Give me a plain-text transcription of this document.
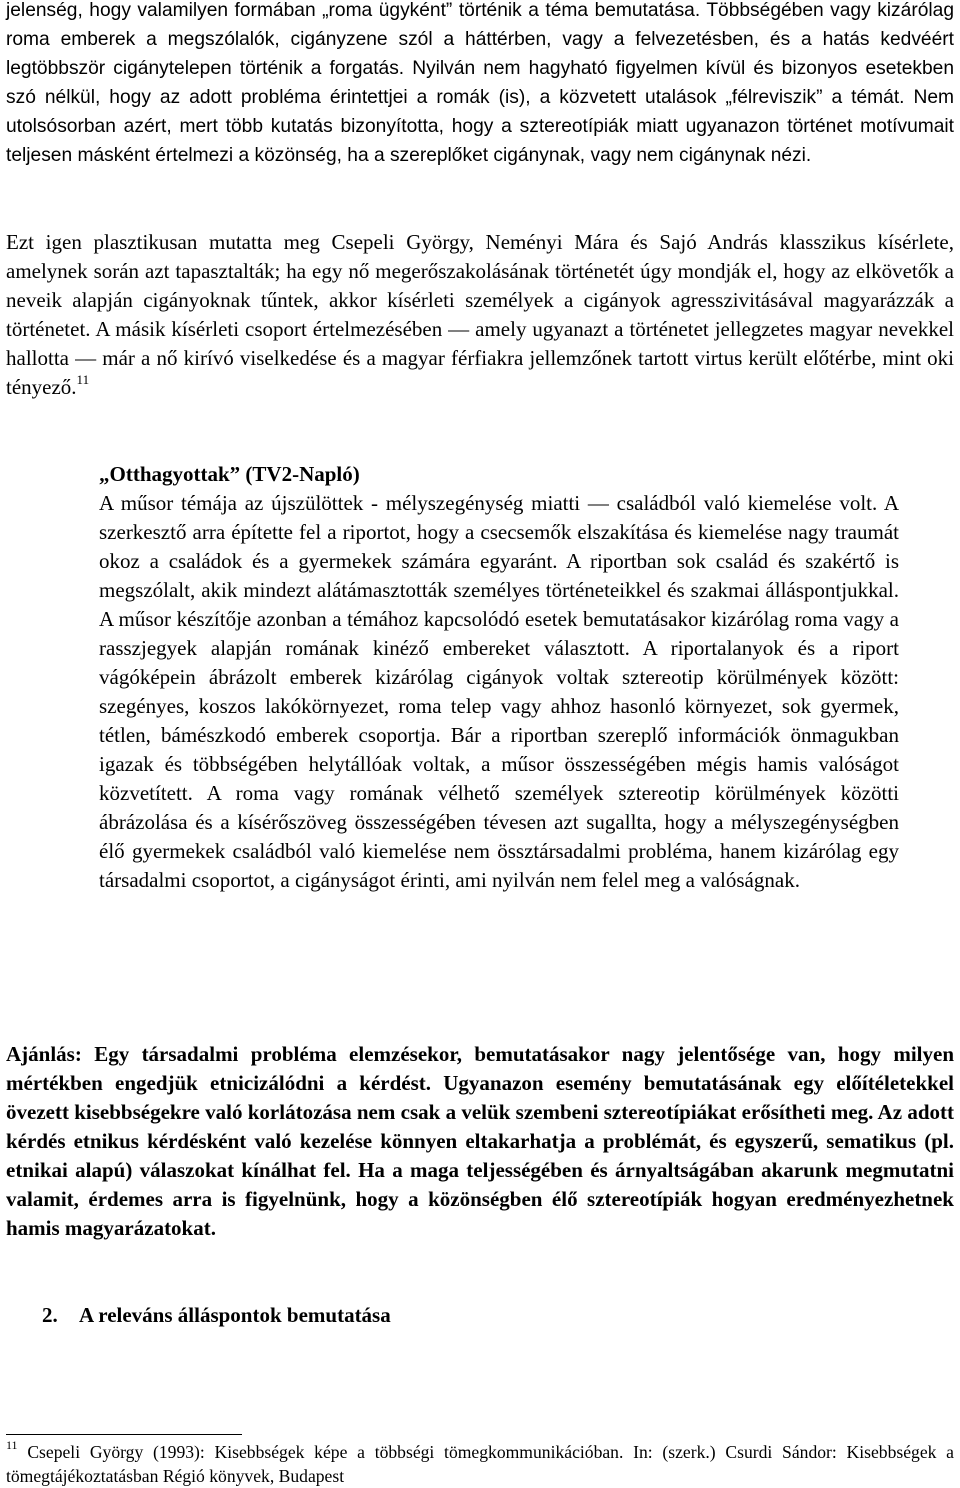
jelenség, hogy valamilyen formában „roma ügyként” történik a téma bemutatása. Többségében vagy kizárólag roma emberek a megszólalók, cigányzene szól a háttérben, vagy a felvezetésben, és a hatás kedvéért legtöbbször cigánytelepen történik a forgatás. Nyilván nem hagyható figyelmen kívül és bizonyos esetekben szó nélkül, hogy az adott probléma érintettjei a romák (is), a közvetett utalások „félreviszik” a témát. Nem utolsósorban azért, mert több kutatás bizonyította, hogy a sztereotípiák miatt ugyanazon történet motívumait teljesen másként értelmezi a közönség, ha a szereplőket cigánynak, vagy nem cigánynak nézi.

Ezt igen plasztikusan mutatta meg Csepeli György, Neményi Mára és Sajó András klasszikus kísérlete, amelynek során azt tapasztalták; ha egy nő megerőszakolásának történetét úgy mondják el, hogy az elkövetők a neveik alapján cigányoknak tűntek, akkor kísérleti személyek a cigányok agresszivitásával magyarázzák a történetet. A másik kísérleti csoport értelmezésében — amely ugyanazt a történetet jellegzetes magyar nevekkel hallotta — már a nő kirívó viselkedése és a magyar férfiakra jellemzőnek tartott virtus került előtérbe, mint oki tényező.$^{11}$

„Otthagyottak” (TV2-Napló)

A műsor témája az újszülöttek - mélyszegénység miatti — családból való kiemelése volt. A szerkesztő arra építette fel a riportot, hogy a csecsemők elszakítása és kiemelése nagy traumát okoz a családok és a gyermekek számára egyaránt. A riportban sok család és szakértő is megszólalt, akik mindezt alátámasztották személyes történeteikkel és szakmai álláspontjukkal. A műsor készítője azonban a témához kapcsolódó esetek bemutatásakor kizárólag roma vagy a rasszjegyek alapján romának kinéző embereket választott. A riportalanyok és a riport vágóképein ábrázolt emberek kizárólag cigányok voltak sztereotip körülmények között: szegényes, koszos lakókörnyezet, roma telep vagy ahhoz hasonló környezet, sok gyermek, tétlen, bámészkodó emberek csoportja. Bár a riportban szereplő információk önmagukban igazak és többségében helytállóak voltak, a műsor összességében mégis hamis valóságot közvetített. A roma vagy romának vélhető személyek sztereotip körülmények közötti ábrázolása és a kísérőszöveg összességében tévesen azt sugallta, hogy a mélyszegénységben élő gyermekek családból való kiemelése nem össztársadalmi probléma, hanem kizárólag egy társadalmi csoportot, a cigányságot érinti, ami nyilván nem felel meg a valóságnak.

Ajánlás: Egy társadalmi probléma elemzésekor, bemutatásakor nagy jelentősége van, hogy milyen mértékben engedjük etnicizálódni a kérdést. Ugyanazon esemény bemutatásának egy előítéletekkel övezett kisebbségekre való korlátozása nem csak a velük szembeni sztereotípiákat erősítheti meg. Az adott kérdés etnikus kérdésként való kezelése könnyen eltakarhatja a problémát, és egyszerű, sematikus (pl. etnikai alapú) válaszokat kínálhat fel. Ha a maga teljességében és árnyaltságában akarunk megmutatni valamit, érdemes arra is figyelnünk, hogy a közönségben élő sztereotípiák hogyan eredményezhetnek hamis magyarázatokat.

2. A releváns álláspontok bemutatása
$^{11}$ Csepeli György (1993): Kisebbségek képe a többségi tömegkommunikációban. In: (szerk.) Csurdi Sándor: Kisebbségek a tömegtájékoztatásban Régió könyvek, Budapest
